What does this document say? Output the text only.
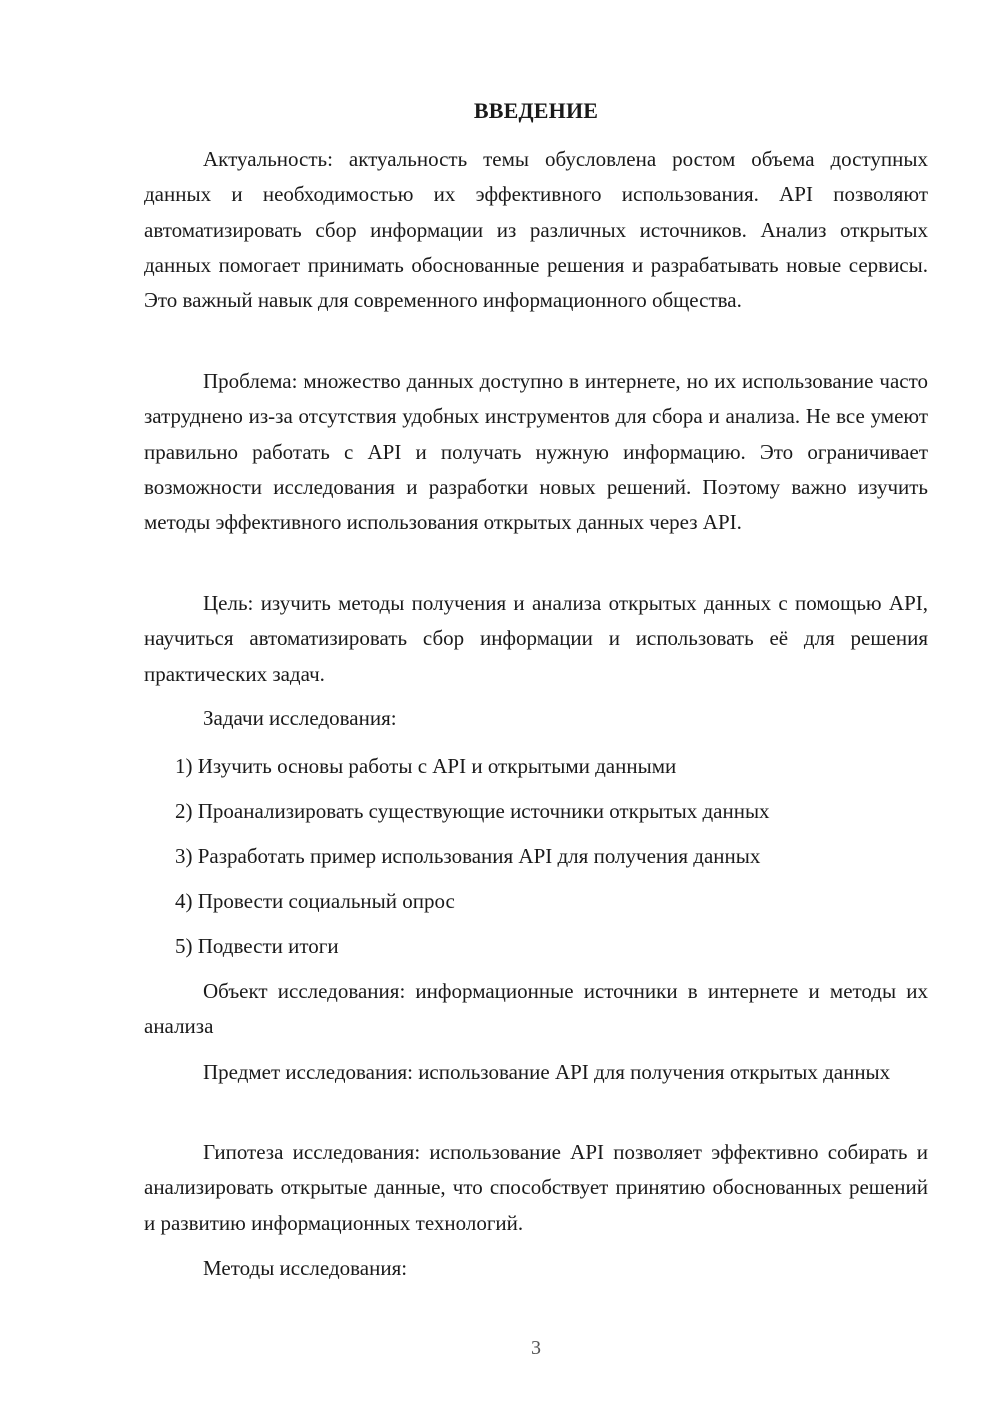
ВВЕДЕНИЕ

Актуальность: актуальность темы обусловлена ростом объема доступных данных и необходимостью их эффективного использования. API позволяют автоматизировать сбор информации из различных источников. Анализ открытых данных помогает принимать обоснованные решения и разрабатывать новые сервисы. Это важный навык для современного информационного общества.

Проблема: множество данных доступно в интернете, но их использование часто затруднено из-за отсутствия удобных инструментов для сбора и анализа. Не все умеют правильно работать с API и получать нужную информацию. Это ограничивает возможности исследования и разработки новых решений. Поэтому важно изучить методы эффективного использования открытых данных через API.

Цель: изучить методы получения и анализа открытых данных с помощью API, научиться автоматизировать сбор информации и использовать её для решения практических задач.

Задачи исследования:

1) Изучить основы работы с API и открытыми данными

2) Проанализировать существующие источники открытых данных

3) Разработать пример использования API для получения данных

4) Провести социальный опрос

5) Подвести итоги

Объект исследования: информационные источники в интернете и методы их анализа

Предмет исследования: использование API для получения открытых данных

Гипотеза исследования: использование API позволяет эффективно собирать и анализировать открытые данные, что способствует принятию обоснованных решений и развитию информационных технологий.

Методы исследования:

3
